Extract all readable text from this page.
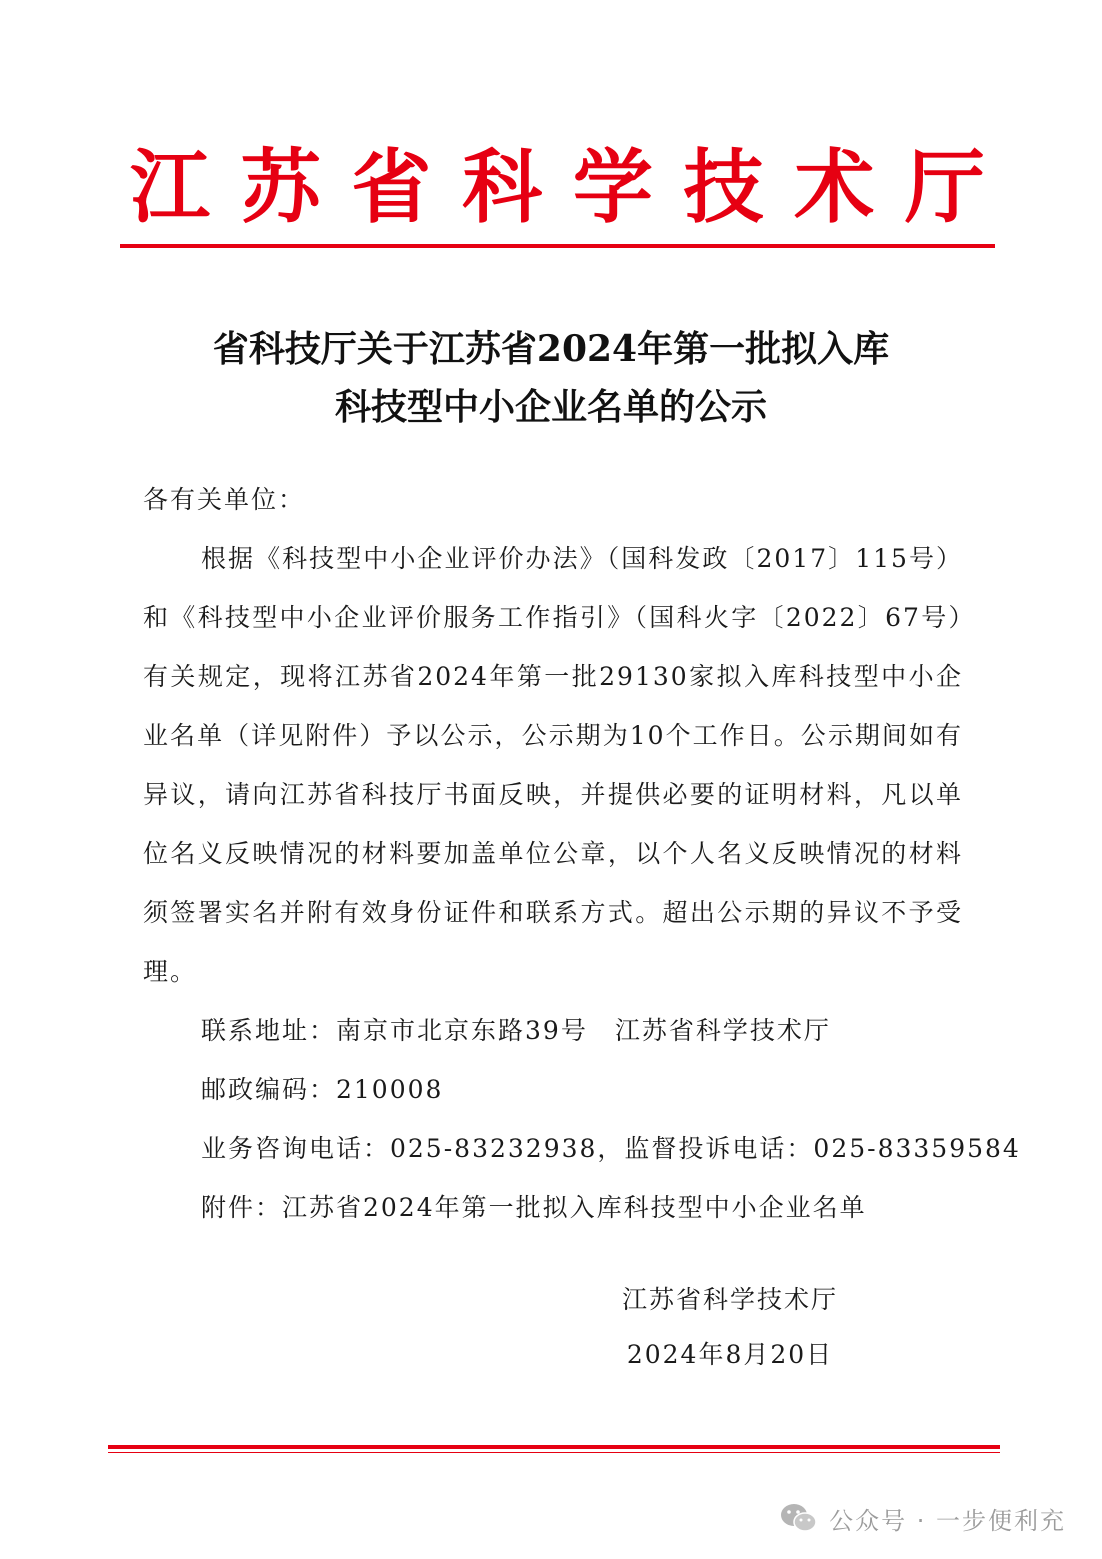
江 苏 省 科 学 技 术 厅
省科技厅关于江苏省2024年第一批拟入库
科技型中小企业名单的公示

各有关单位：

根据《科技型中小企业评价办法》（国科发政〔2017〕115号）和《科技型中小企业评价服务工作指引》（国科火字〔2022〕67号）有关规定，现将江苏省2024年第一批29130家拟入库科技型中小企业名单（详见附件）予以公示，公示期为10个工作日。公示期间如有异议，请向江苏省科技厅书面反映，并提供必要的证明材料，凡以单位名义反映情况的材料要加盖单位公章，以个人名义反映情况的材料须签署实名并附有效身份证件和联系方式。超出公示期的异议不予受理。

联系地址：南京市北京东路39号　江苏省科学技术厅

邮政编码：210008

业务咨询电话：025-83232938，监督投诉电话：025-83359584

附件：江苏省2024年第一批拟入库科技型中小企业名单

江苏省科学技术厅
2024年8月20日
公众号 · 一步便利充
